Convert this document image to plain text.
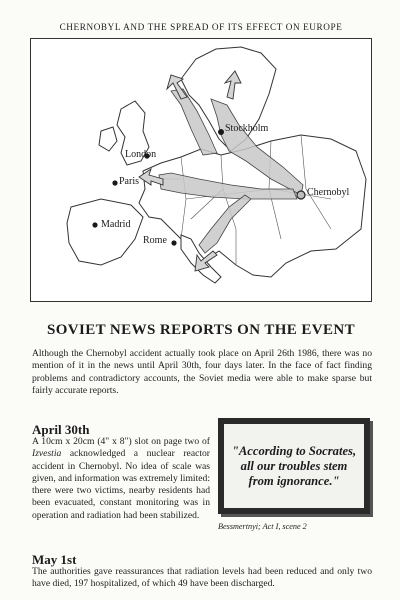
CHERNOBYL AND THE SPREAD OF ITS EFFECT ON EUROPE
Stockholm
London
Paris
Chernobyl
Madrid
Rome
SOVIET NEWS REPORTS ON THE EVENT
Although the Chernobyl accident actually took place on April 26th 1986, there was no mention of it in the news until April 30th, four days later. In the face of fact finding problems and contradictory accounts, the Soviet media were able to make sparse but fairly accurate reports.
April 30th
A 10cm x 20cm (4" x 8") slot on page two of Izvestia acknowledged a nuclear reactor accident in Chernobyl. No idea of scale was given, and information was extremely limited: there were two victims, nearby residents had been evacuated, constant monitoring was in operation and radiation had been stabilized.
"According to Socrates, all our troubles stem from ignorance."
Bessmertnyi; Act I, scene 2
May 1st
The authorities gave reassurances that radiation levels had been reduced and only two have died, 197 hospitalized, of which 49 have been discharged.
